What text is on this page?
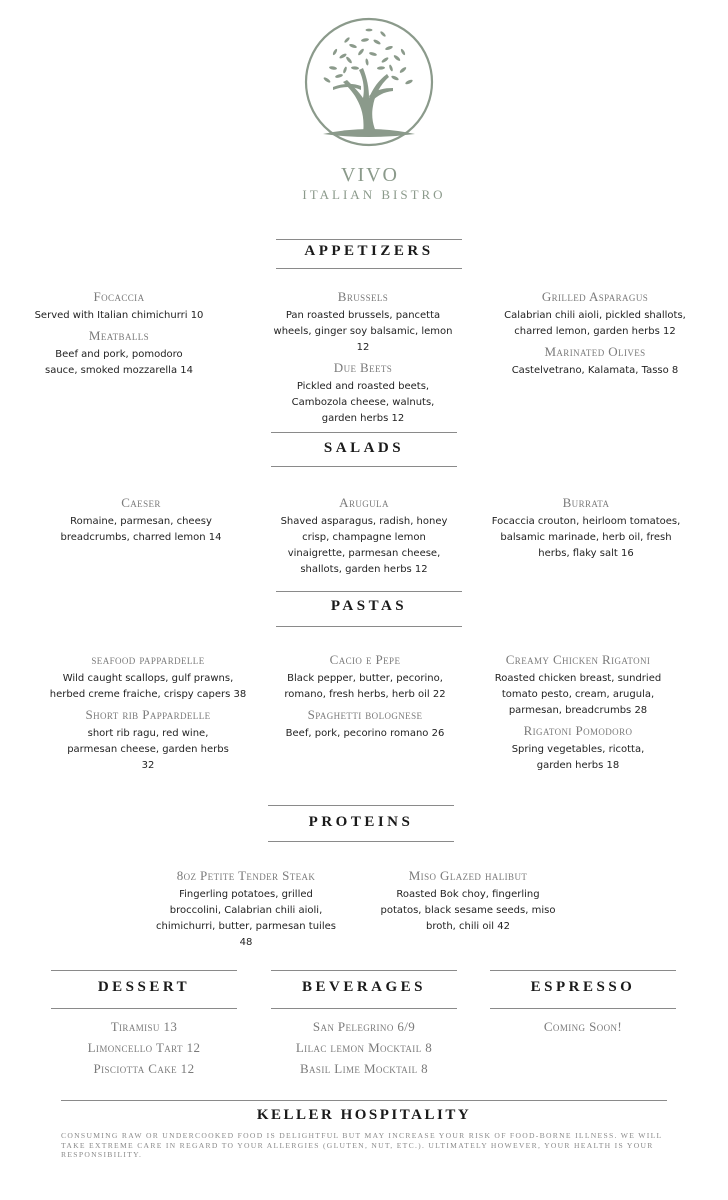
VIVO
ITALIAN BISTRO
APPETIZERS

Focaccia

Served with Italian chimichurri 10

Meatballs

Beef and pork, pomodoro sauce, smoked mozzarella 14

Brussels

Pan roasted brussels, pancetta wheels, ginger soy balsamic, lemon 12

Due Beets

Pickled and roasted beets, Cambozola cheese, walnuts, garden herbs 12

Grilled Asparagus

Calabrian chili aioli, pickled shallots, charred lemon, garden herbs 12

Marinated Olives

Castelvetrano, Kalamata, Tasso 8

SALADS

Caeser

Romaine, parmesan, cheesy breadcrumbs, charred lemon 14

Arugula

Shaved asparagus, radish, honey crisp, champagne lemon vinaigrette, parmesan cheese, shallots, garden herbs 12

Burrata

Focaccia crouton, heirloom tomatoes, balsamic marinade, herb oil, fresh herbs, flaky salt 16

PASTAS

seafood pappardelle

Wild caught scallops, gulf prawns, herbed creme fraiche, crispy capers 38

Short rib Pappardelle

short rib ragu, red wine, parmesan cheese, garden herbs 32

Cacio e Pepe

Black pepper, butter, pecorino, romano, fresh herbs, herb oil 22

Spaghetti bolognese

Beef, pork, pecorino romano 26

Creamy Chicken Rigatoni

Roasted chicken breast, sundried tomato pesto, cream, arugula, parmesan, breadcrumbs 28

Rigatoni Pomodoro

Spring vegetables, ricotta, garden herbs 18

PROTEINS

8oz Petite Tender Steak

Fingerling potatoes, grilled broccolini, Calabrian chili aioli, chimichurri, butter, parmesan tuiles 48

Miso Glazed halibut

Roasted Bok choy, fingerling potatos, black sesame seeds, miso broth, chili oil 42

DESSERT	BEVERAGES	ESPRESSO
Tiramisu 13
Limoncello Tart 12
Pisciotta Cake 12
San Pelegrino 6/9
Lilac lemon Mocktail 8
Basil Lime Mocktail 8
Coming Soon!
KELLER HOSPITALITY
CONSUMING RAW OR UNDERCOOKED FOOD IS DELIGHTFUL BUT MAY INCREASE YOUR RISK OF FOOD-BORNE ILLNESS. WE WILL TAKE EXTREME CARE IN REGARD TO YOUR ALLERGIES (GLUTEN, NUT, ETC.). ULTIMATELY HOWEVER, YOUR HEALTH IS YOUR RESPONSIBILITY.
